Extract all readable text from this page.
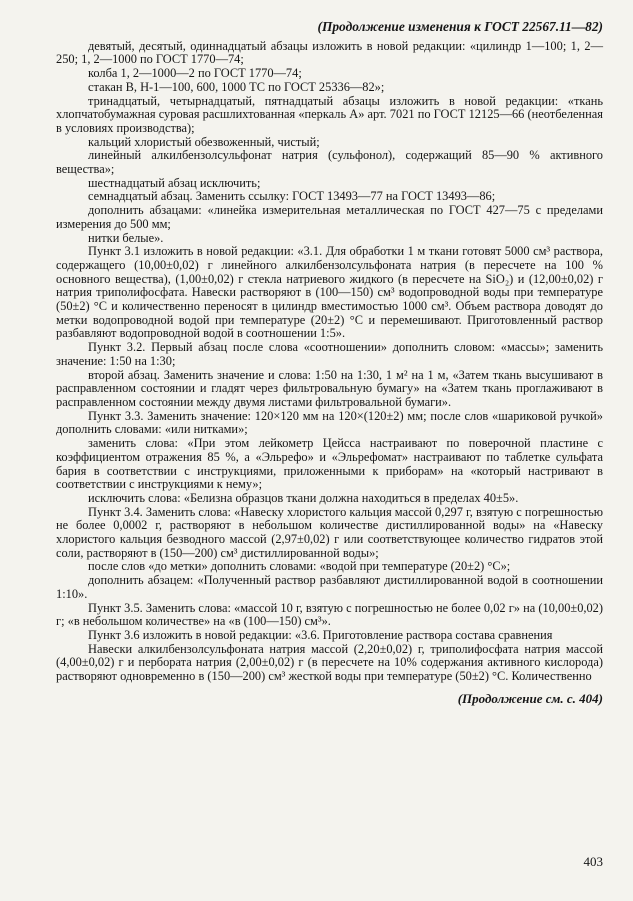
(Продолжение изменения к ГОСТ 22567.11—82)

девятый, десятый, одиннадцатый абзацы изложить в новой редакции: «цилиндр 1—100; 1, 2—250; 1, 2—1000 по ГОСТ 1770—74;

колба 1, 2—1000—2 по ГОСТ 1770—74;

стакан В, Н-1—100, 600, 1000 ТС по ГОСТ 25336—82»;

тринадцатый, четырнадцатый, пятнадцатый абзацы изложить в новой редакции: «ткань хлопчатобумажная суровая расшлихтованная «перкаль А» арт. 7021 по ГОСТ 12125—66 (неотбеленная в условиях производства);

кальций хлористый обезвоженный, чистый;

линейный алкилбензолсульфонат натрия (сульфонол), содержащий 85—90 % активного вещества»;

шестнадцатый абзац исключить;

семнадцатый абзац. Заменить ссылку: ГОСТ 13493—77 на ГОСТ 13493—86;

дополнить абзацами: «линейка измерительная металлическая по ГОСТ 427—75 с пределами измерения до 500 мм;

нитки белые».

Пункт 3.1 изложить в новой редакции: «3.1. Для обработки 1 м ткани готовят 5000 см³ раствора, содержащего (10,00±0,02) г линейного алкилбензолсульфоната натрия (в пересчете на 100 % основного вещества), (1,00±0,02) г стекла натриевого жидкого (в пересчете на SiO₂) и (12,00±0,02) г натрия триполифосфата. Навески растворяют в (100—150) см³ водопроводной воды при температуре (50±2) °С и количественно переносят в цилиндр вместимостью 1000 см³. Объем раствора доводят до метки водопроводной водой при температуре (20±2) °С и перемешивают. Приготовленный раствор разбавляют водопроводной водой в соотношении 1:5».

Пункт 3.2. Первый абзац после слова «соотношении» дополнить словом: «массы»; заменить значение: 1:50 на 1:30;

второй абзац. Заменить значение и слова: 1:50 на 1:30, 1 м² на 1 м, «Затем ткань высушивают в расправленном состоянии и гладят через фильтровальную бумагу» на «Затем ткань проглаживают в расправленном состоянии между двумя листами фильтровальной бумаги».

Пункт 3.3. Заменить значение: 120×120 мм на 120×(120±2) мм; после слов «шариковой ручкой» дополнить словами: «или нитками»;

заменить слова: «При этом лейкометр Цейсса настраивают по поверочной пластине с коэффициентом отражения 85 %, а «Эльрефо» и «Эльрефомат» настраивают по таблетке сульфата бария в соответствии с инструкциями, приложенными к приборам» на «который настривают в соответствии с инструкциями к нему»;

исключить слова: «Белизна образцов ткани должна находиться в пределах 40±5».

Пункт 3.4. Заменить слова: «Навеску хлористого кальция массой 0,297 г, взятую с погрешностью не более 0,0002 г, растворяют в небольшом количестве дистиллированной воды» на «Навеску хлористого кальция безводного массой (2,97±0,02) г или соответствующее количество гидратов этой соли, растворяют в (150—200) см³ дистиллированной воды»;

после слов «до метки» дополнить словами: «водой при температуре (20±2) °С»;

дополнить абзацем: «Полученный раствор разбавляют дистиллированной водой в соотношении 1:10».

Пункт 3.5. Заменить слова: «массой 10 г, взятую с погрешностью не более 0,02 г» на (10,00±0,02) г; «в небольшом количестве» на «в (100—150) см³».

Пункт 3.6 изложить в новой редакции: «3.6. Приготовление раствора состава сравнения

Навески алкилбензолсульфоната натрия массой (2,20±0,02) г, триполифосфата натрия массой (4,00±0,02) г и пербората натрия (2,00±0,02) г (в пересчете на 10% содержания активного кислорода) растворяют одновременно в (150—200) см³ жесткой воды при температуре (50±2) °С. Количественно

(Продолжение см. с. 404)
403
